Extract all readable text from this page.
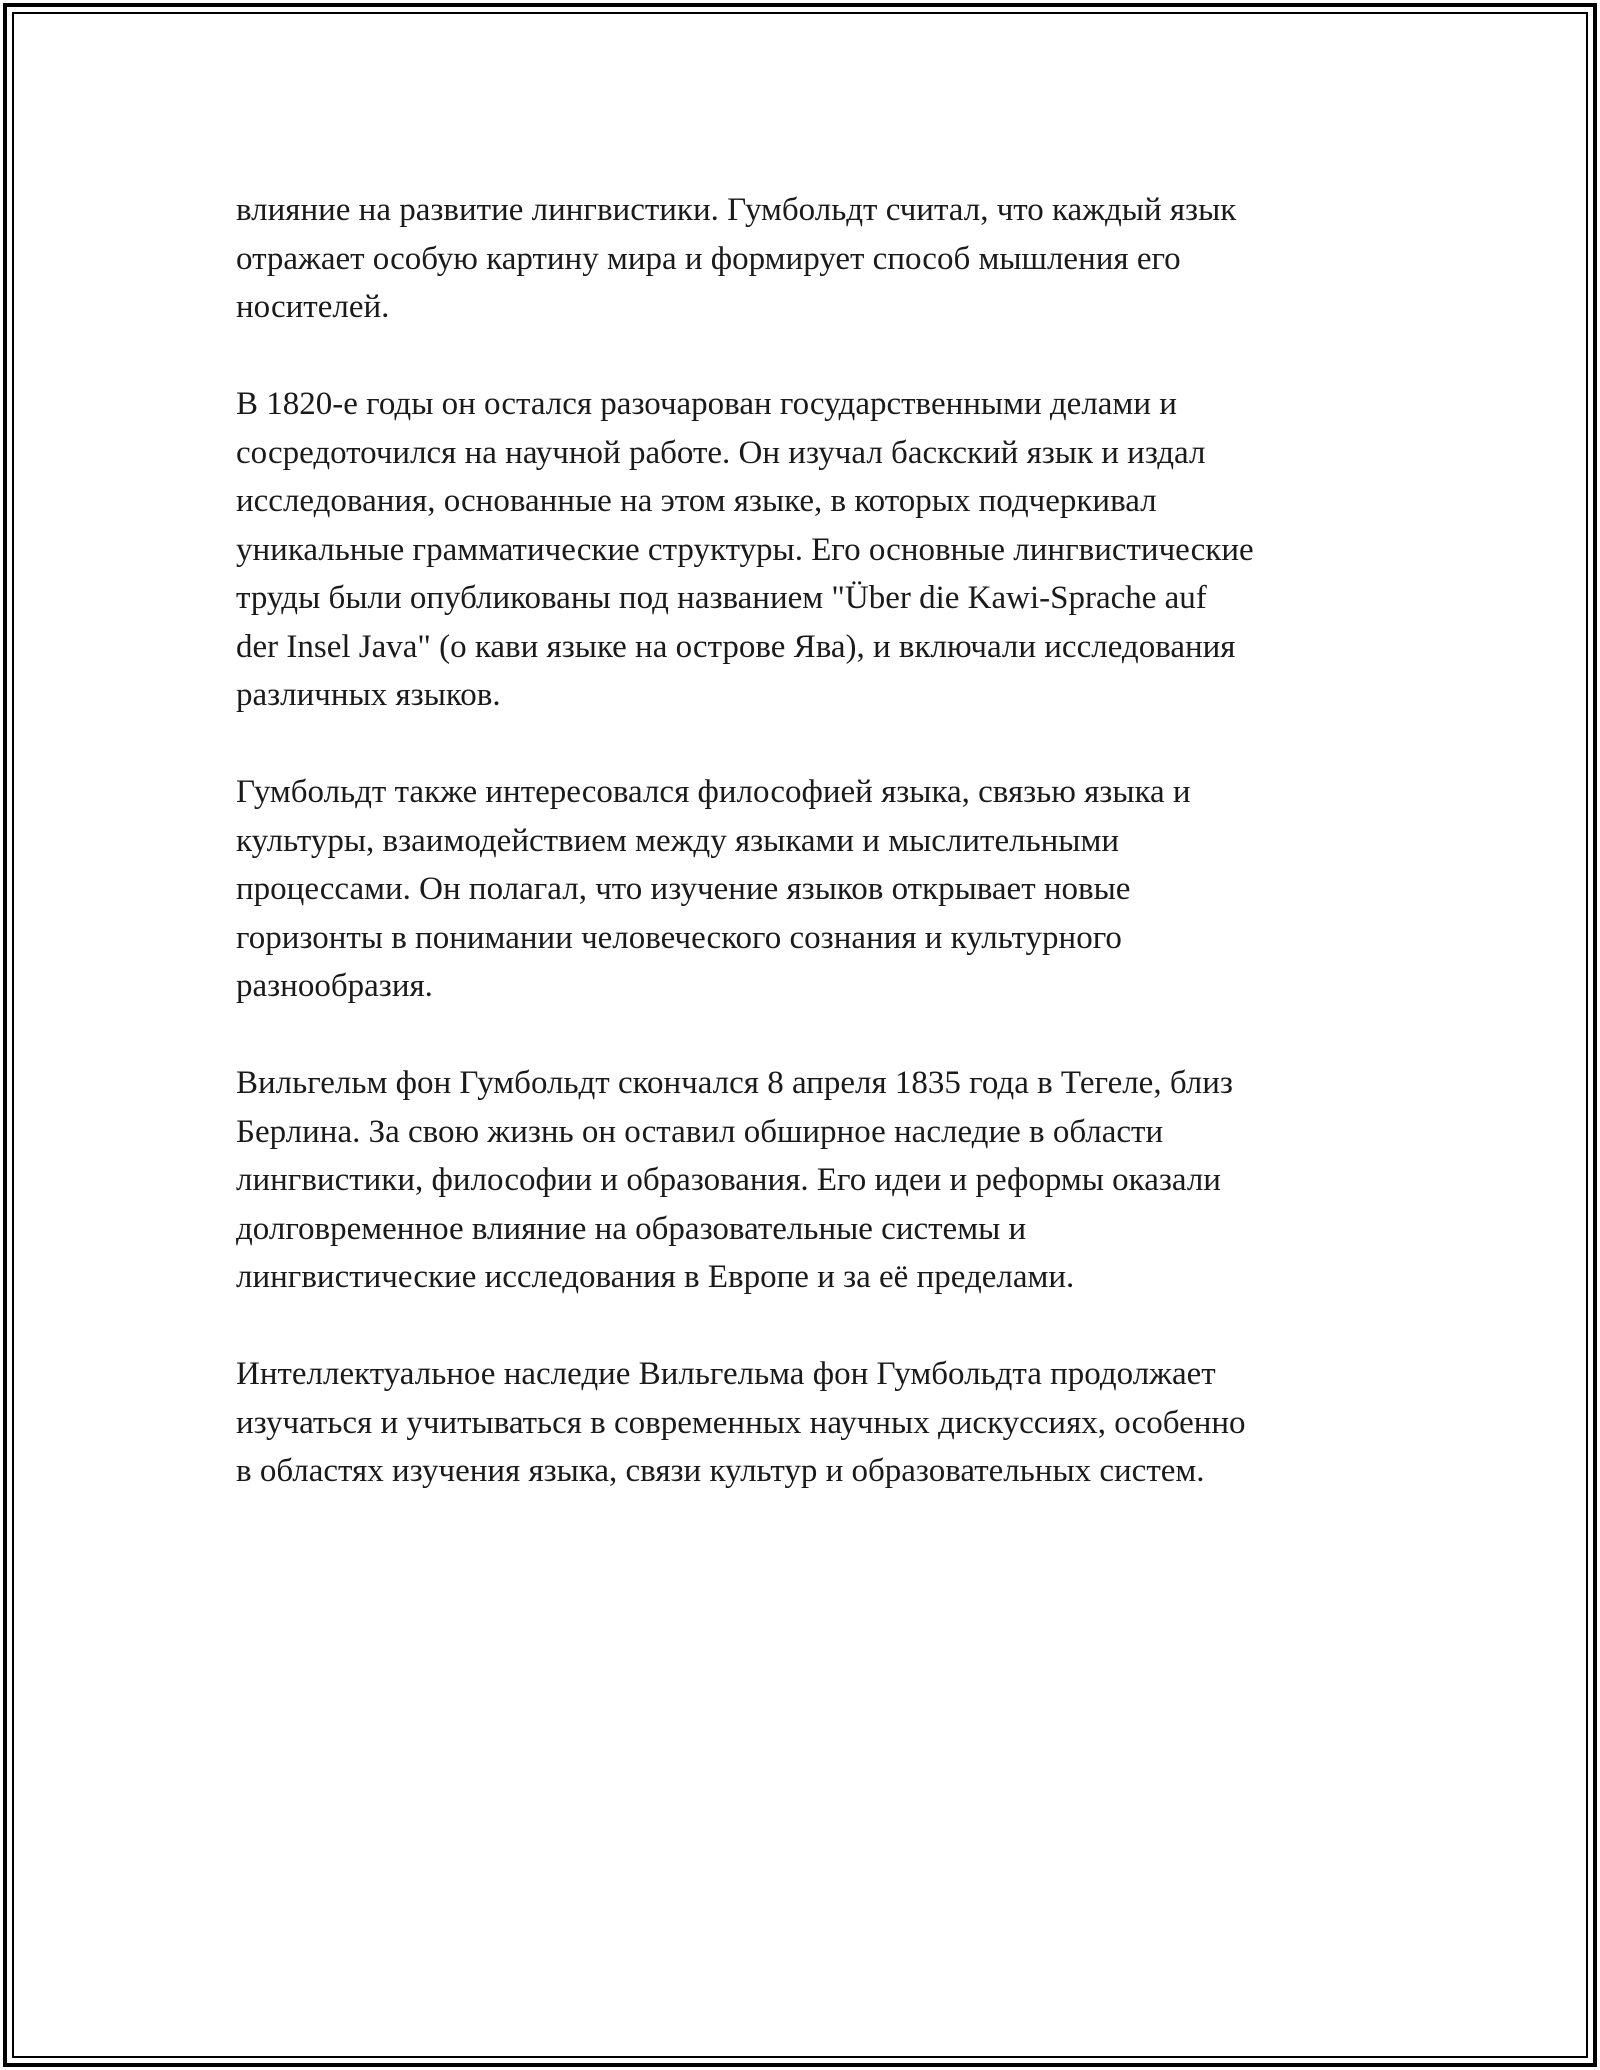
влияние на развитие лингвистики. Гумбольдт считал, что каждый язык
отражает особую картину мира и формирует способ мышления его
носителей.

В 1820-е годы он остался разочарован государственными делами и
сосредоточился на научной работе. Он изучал баскский язык и издал
исследования, основанные на этом языке, в которых подчеркивал
уникальные грамматические структуры. Его основные лингвистические
труды были опубликованы под названием "Über die Kawi-Sprache auf
der Insel Java" (о кави языке на острове Ява), и включали исследования
различных языков.

Гумбольдт также интересовался философией языка, связью языка и
культуры, взаимодействием между языками и мыслительными
процессами. Он полагал, что изучение языков открывает новые
горизонты в понимании человеческого сознания и культурного
разнообразия.

Вильгельм фон Гумбольдт скончался 8 апреля 1835 года в Тегеле, близ
Берлина. За свою жизнь он оставил обширное наследие в области
лингвистики, философии и образования. Его идеи и реформы оказали
долговременное влияние на образовательные системы и
лингвистические исследования в Европе и за её пределами.

Интеллектуальное наследие Вильгельма фон Гумбольдта продолжает
изучаться и учитываться в современных научных дискуссиях, особенно
в областях изучения языка, связи культур и образовательных систем.
